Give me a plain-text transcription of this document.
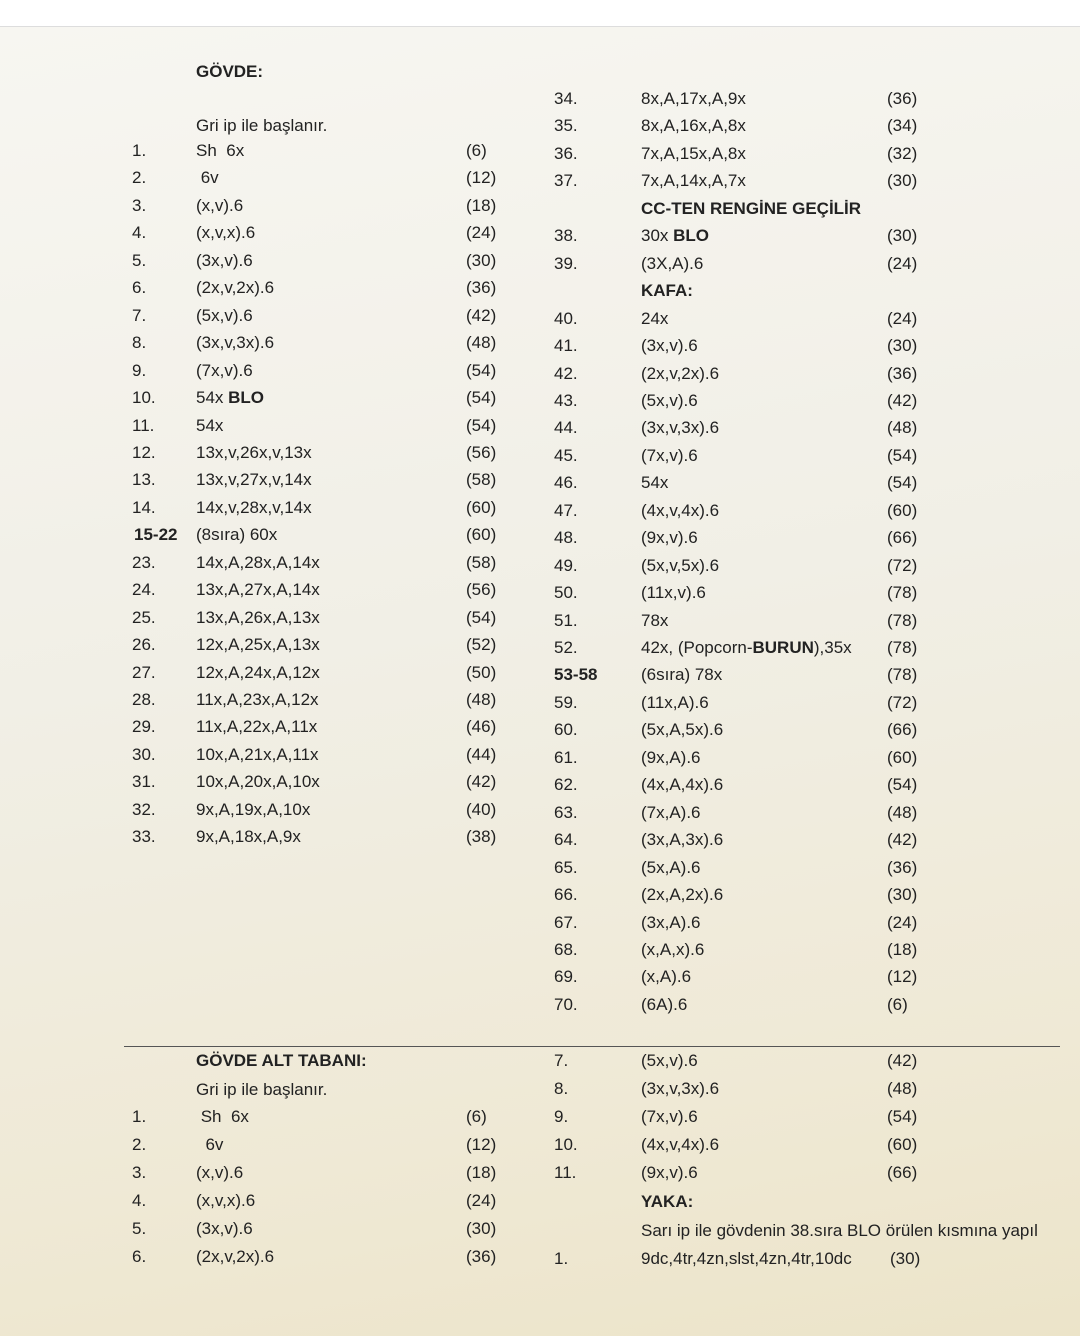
GÖVDE:
Gri ip ile başlanır.
1.	Sh  6x	(6)
2.	6v	(12)
3.	(x,v).6	(18)
4.	(x,v,x).6	(24)
5.	(3x,v).6	(30)
6.	(2x,v,2x).6	(36)
7.	(5x,v).6	(42)
8.	(3x,v,3x).6	(48)
9.	(7x,v).6	(54)
10. 54x BLO	(54)
11. 54x	(54)
12. 13x,v,26x,v,13x	(56)
13. 13x,v,27x,v,14x	(58)
14. 14x,v,28x,v,14x	(60)
15-22 (8sıra) 60x	(60)
23. 14x,A,28x,A,14x	(58)
24. 13x,A,27x,A,14x	(56)
25. 13x,A,26x,A,13x	(54)
26. 12x,A,25x,A,13x	(52)
27. 12x,A,24x,A,12x	(50)
28. 11x,A,23x,A,12x	(48)
29. 11x,A,22x,A,11x	(46)
30. 10x,A,21x,A,11x	(44)
31. 10x,A,20x,A,10x	(42)
32. 9x,A,19x,A,10x	(40)
33. 9x,A,18x,A,9x	(38)
34.	8x,A,17x,A,9x	(36)
35.	8x,A,16x,A,8x	(34)
36.	7x,A,15x,A,8x	(32)
37.	7x,A,14x,A,7x	(30)
CC-TEN RENGİNE GEÇİLİR
38.	30x BLO	(30)
39.	(3X,A).6	(24)
KAFA:
40.	24x	(24)
41.	(3x,v).6	(30)
42.	(2x,v,2x).6	(36)
43.	(5x,v).6	(42)
44.	(3x,v,3x).6	(48)
45.	(7x,v).6	(54)
46.	54x	(54)
47.	(4x,v,4x).6	(60)
48.	(9x,v).6	(66)
49.	(5x,v,5x).6	(72)
50.	(11x,v).6	(78)
51.	78x	(78)
52.	42x, (Popcorn-BURUN),35x (78)
53-58	(6sıra) 78x	(78)
59.	(11x,A).6	(72)
60.	(5x,A,5x).6	(66)
61.	(9x,A).6	(60)
62.	(4x,A,4x).6	(54)
63.	(7x,A).6	(48)
64.	(3x,A,3x).6	(42)
65.	(5x,A).6	(36)
66.	(2x,A,2x).6	(30)
67.	(3x,A).6	(24)
68.	(x,A,x).6	(18)
69.	(x,A).6	(12)
70.	(6A).6	(6)
GÖVDE ALT TABANI:
Gri ip ile başlanır.
1.	Sh  6x	(6)
2.	6v	(12)
3.	(x,v).6	(18)
4.	(x,v,x).6	(24)
5.	(3x,v).6	(30)
6.	(2x,v,2x).6	(36)
7.	(5x,v).6	(42)
8.	(3x,v,3x).6	(48)
9.	(7x,v).6	(54)
10.	(4x,v,4x).6	(60)
11.	(9x,v).6	(66)
YAKA:
Sarı ip ile gövdenin 38.sıra BLO örülen kısmına yapıl
1.	9dc,4tr,4zn,slst,4zn,4tr,10dc (30)
